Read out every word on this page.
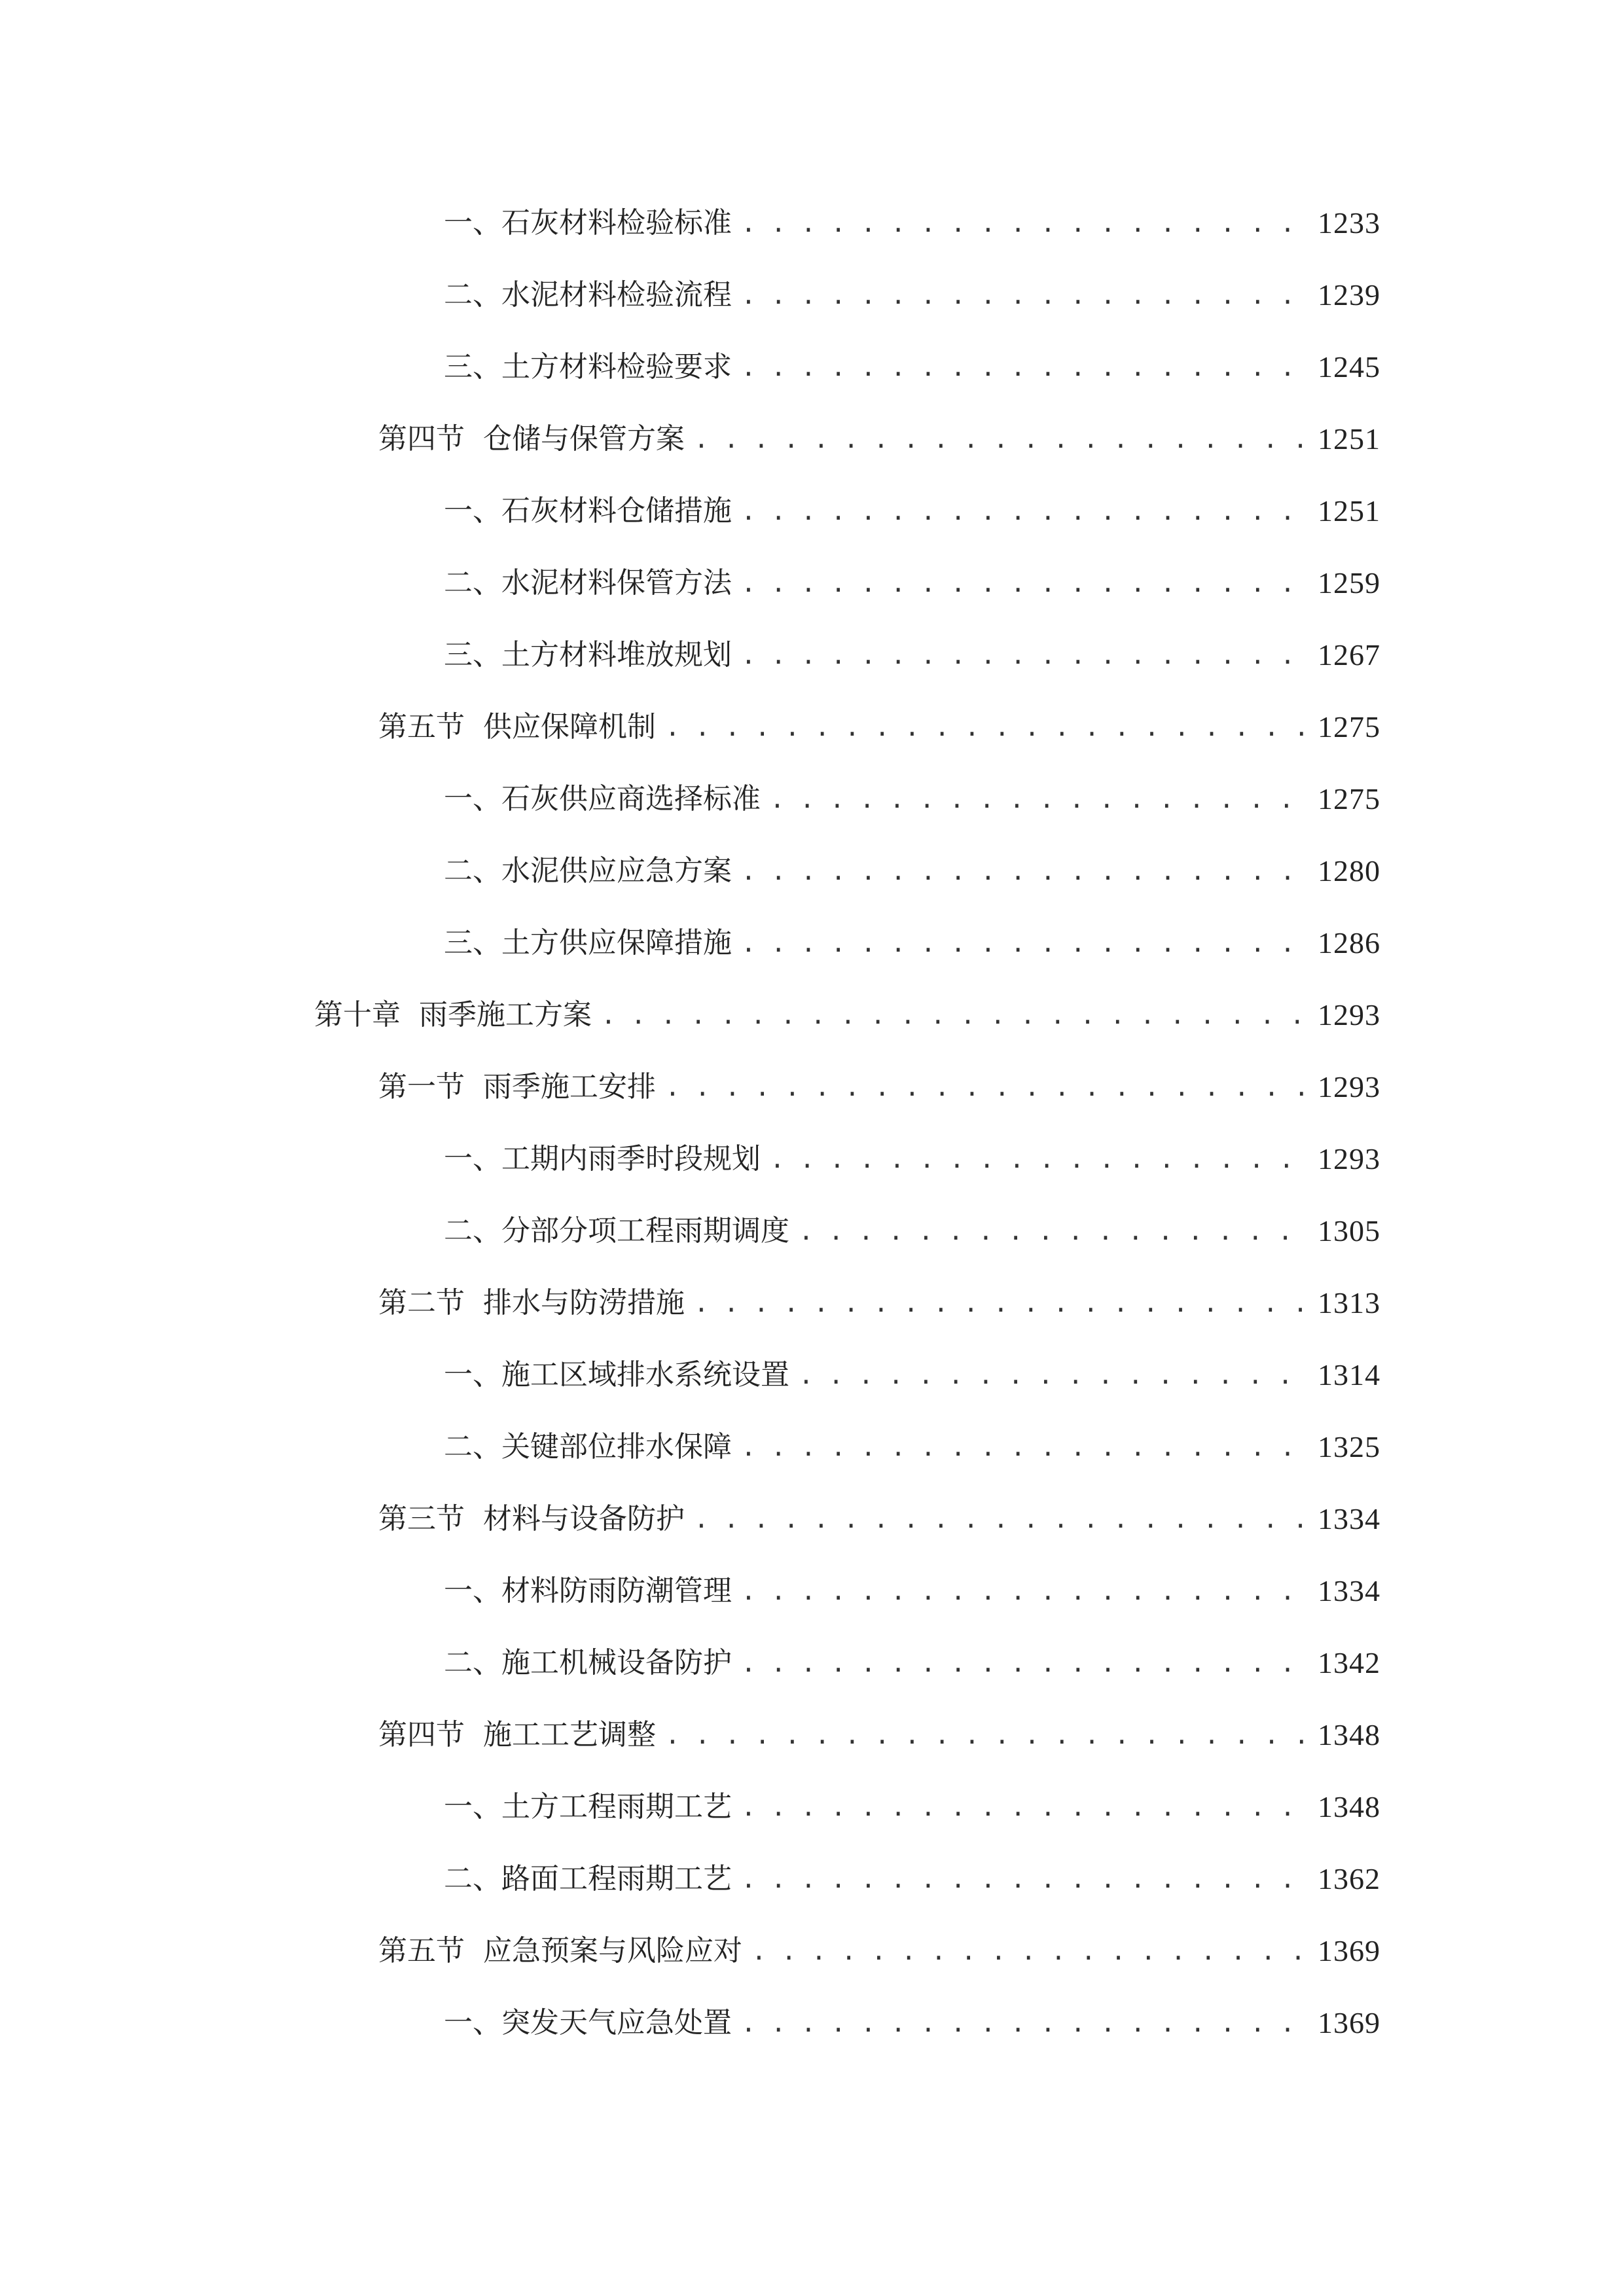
一、 石灰材料检验标准 . . .	1233
二、 水泥材料检验流程 . . .	1239
三、 土方材料检验要求 . . .	1245
第四节 仓储与保管方案 . . .	1251
一、 石灰材料仓储措施 . . .	1251
二、 水泥材料保管方法 . . .	1259
三、 土方材料堆放规划 . . .	1267
第五节 供应保障机制 . . .	1275
一、 石灰供应商选择标准 . . .	1275
二、 水泥供应应急方案 . . .	1280
三、 土方供应保障措施 . . .	1286
第十章 雨季施工方案 . . .	1293
第一节 雨季施工安排 . . .	1293
一、 工期内雨季时段规划 . . .	1293
二、 分部分项工程雨期调度 . . .	1305
第二节 排水与防涝措施 . . .	1313
一、 施工区域排水系统设置 . . .	1314
二、 关键部位排水保障 . . .	1325
第三节 材料与设备防护 . . .	1334
一、 材料防雨防潮管理 . . .	1334
二、 施工机械设备防护 . . .	1342
第四节 施工工艺调整 . . .	1348
一、 土方工程雨期工艺 . . .	1348
二、 路面工程雨期工艺 . . .	1362
第五节 应急预案与风险应对 . . .	1369
一、 突发天气应急处置 . . .	1369
